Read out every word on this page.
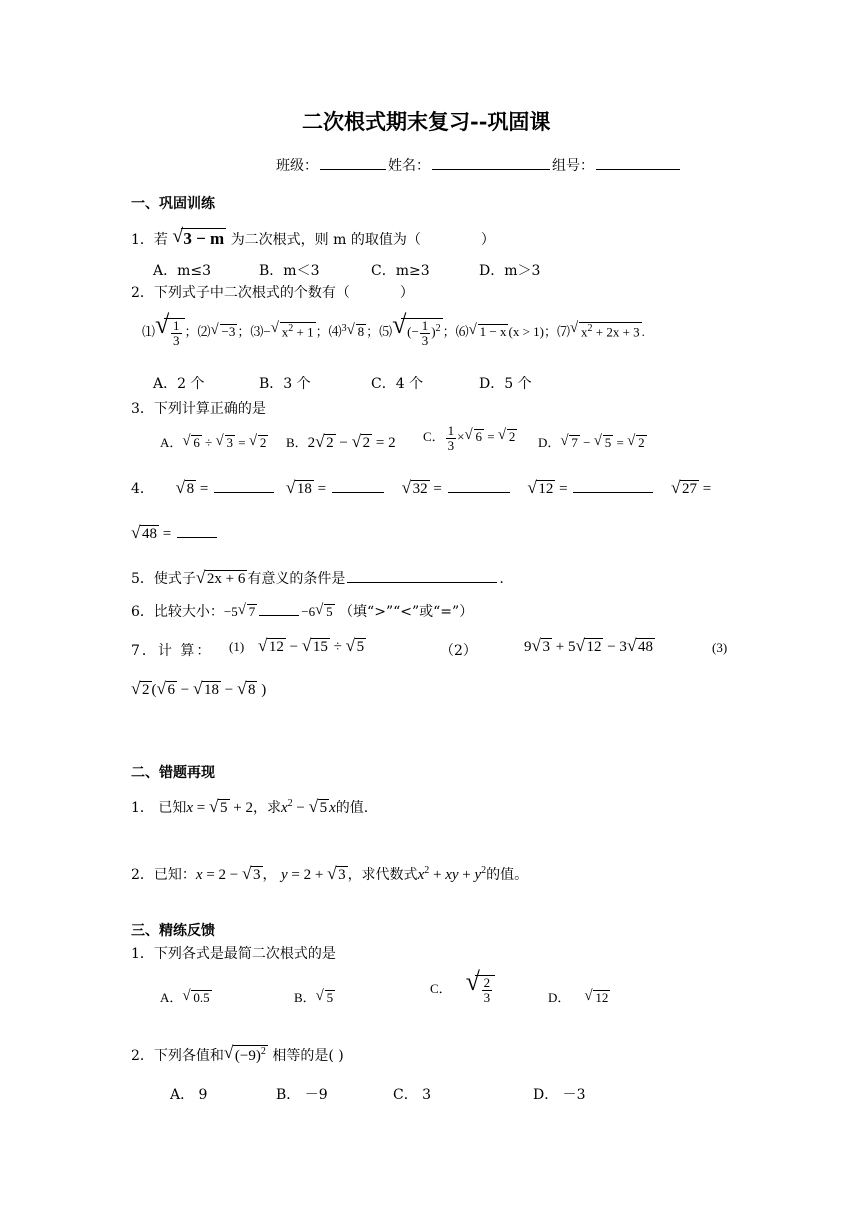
二次根式期末复习--巩固课
班级：	姓名：	组号：
一、巩固训练
1．若 √ 3 − m 为二次根式，则 m 的取值为（	）
A．m≤3	B．m＜3	C．m≥3	D．m＞3
2．下列式子中二次根式的个数有（	）
⑴ √ $\frac{1}{3}$ ；⑵ √ −3 ；⑶− √ $x^2 + 1$ ；⑷$^3$ √ 8 ；⑸ √ (− $\frac{1}{3} )^2$ ；⑹ √ 1 − x (x > 1)；⑺ √ $x^2 + 2x + 3$ .
A．2 个	B．3 个	C．4 个	D．5 个
3．下列计算正确的是
A． √ 6 ÷ √ 3 = √ 2 B．2 √ 2 − √ 2 = 2 C． $\frac{1}{3}$ × √ 6 = √ 2 D． √ 7 − √ 5 = √ 2
4． √ 8 =	√ 18 =	√ 32 =	√ 12 =	√ 27 =
√ 48 =
5．使式子 √ 2x + 6 有意义的条件是	.
6．比较大小：−5 √ 7	−6 √ 5 （填“>”“<”或“=”）
7．计 算： (1) √ 12 − √ 15 ÷ √ 5	（2）	9 √ 3 + 5 √ 12 − 3 √ 48	(3)
√ 2 ( √ 6 − √ 18 − √ 8 )
二、错题再现
1． 已知x = √ 5 + 2，求$x^2$ − √ 5 x的值.
2．已知：x = 2 − √ 3 ， y = 2 + √ 3 ，求代数式$x^2$ + xy + $y^2$的值。
三、精练反馈
1．下列各式是最简二次根式的是
A． √ 0.5	B． √ 5
C． √ $\frac{2}{3}$	D． √ 12
2．下列各值和 √ $(-9)^2$ 相等的是( )
A． 9	B． －9	C． 3	D． －3
